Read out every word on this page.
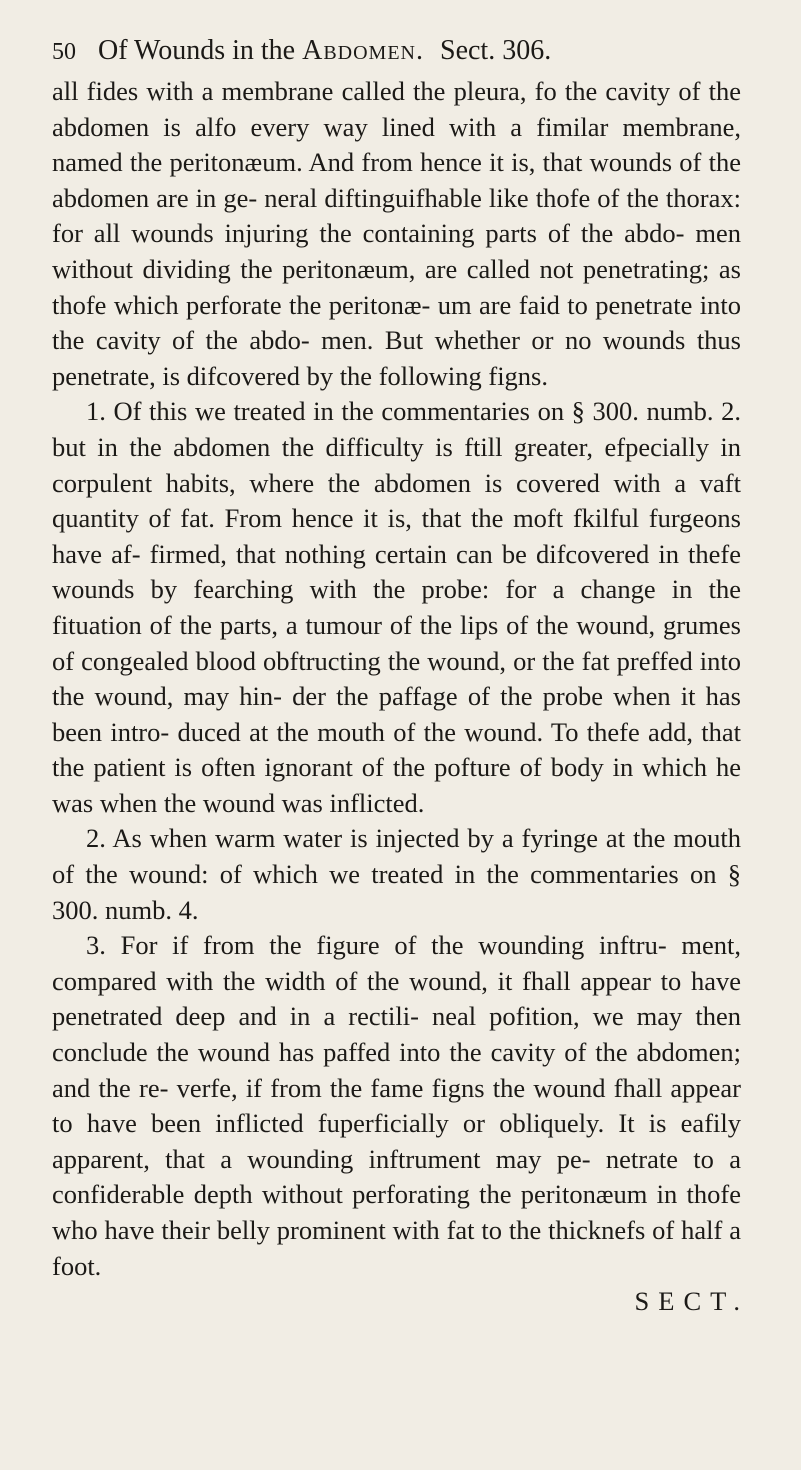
50 Of Wounds in the Abdomen. Sect. 306.

all fides with a membrane called the pleura, fo the cavity of the abdomen is alfo every way lined with a fimilar membrane, named the peritonæum. And from hence it is, that wounds of the abdomen are in ge- neral diftinguifhable like thofe of the thorax: for all wounds injuring the containing parts of the abdo- men without dividing the peritonæum, are called not penetrating; as thofe which perforate the peritonæ- um are faid to penetrate into the cavity of the abdo- men. But whether or no wounds thus penetrate, is difcovered by the following figns.

1. Of this we treated in the commentaries on § 300. numb. 2. but in the abdomen the difficulty is ftill greater, efpecially in corpulent habits, where the abdomen is covered with a vaft quantity of fat. From hence it is, that the moft fkilful furgeons have af- firmed, that nothing certain can be difcovered in thefe wounds by fearching with the probe: for a change in the fituation of the parts, a tumour of the lips of the wound, grumes of congealed blood obftructing the wound, or the fat preffed into the wound, may hin- der the paffage of the probe when it has been intro- duced at the mouth of the wound. To thefe add, that the patient is often ignorant of the pofture of body in which he was when the wound was inflicted.

2. As when warm water is injected by a fyringe at the mouth of the wound: of which we treated in the commentaries on § 300. numb. 4.

3. For if from the figure of the wounding inftru- ment, compared with the width of the wound, it fhall appear to have penetrated deep and in a rectili- neal pofition, we may then conclude the wound has paffed into the cavity of the abdomen; and the re- verfe, if from the fame figns the wound fhall appear to have been inflicted fuperficially or obliquely. It is eafily apparent, that a wounding inftrument may pe- netrate to a confiderable depth without perforating the peritonæum in thofe who have their belly prominent with fat to the thicknefs of half a foot.

SECT.
